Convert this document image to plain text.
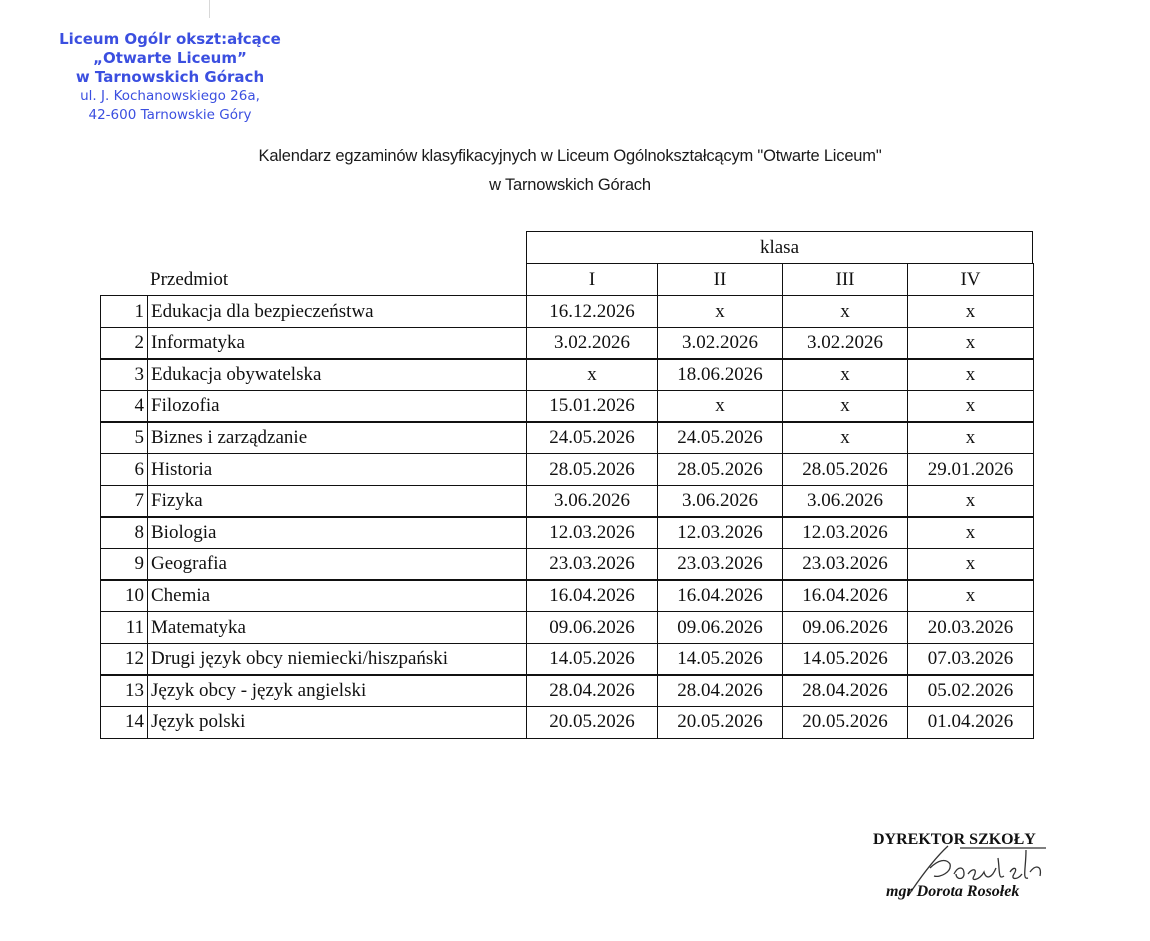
Liceum Ogólr okszt:ałcące
„Otwarte Liceum”
w Tarnowskich Górach
ul. J. Kochanowskiego 26a,
42-600 Tarnowskie Góry
Kalendarz egzaminów klasyfikacyjnych w Liceum Ogólnokształcącym "Otwarte Liceum"
w Tarnowskich Górach
Przedmiot
klasa
I	II	III	IV
1 Edukacja dla bezpieczeństwa	16.12.2026	x	x	x
2 Informatyka	3.02.2026	3.02.2026	3.02.2026	x
3 Edukacja obywatelska	x	18.06.2026	x	x
4 Filozofia	15.01.2026	x	x	x
5 Biznes i zarządzanie	24.05.2026	24.05.2026	x	x
6 Historia	28.05.2026	28.05.2026	28.05.2026	29.01.2026
7 Fizyka	3.06.2026	3.06.2026	3.06.2026	x
8 Biologia	12.03.2026	12.03.2026	12.03.2026	x
9 Geografia	23.03.2026	23.03.2026	23.03.2026	x
10 Chemia	16.04.2026	16.04.2026	16.04.2026	x
11 Matematyka	09.06.2026	09.06.2026	09.06.2026	20.03.2026
12 Drugi język obcy niemiecki/hiszpański	14.05.2026	14.05.2026	14.05.2026	07.03.2026
13 Język obcy - język angielski	28.04.2026	28.04.2026	28.04.2026	05.02.2026
14 Język polski	20.05.2026	20.05.2026	20.05.2026	01.04.2026
DYREKTOR SZKOŁY
mgr Dorota Rosołek
